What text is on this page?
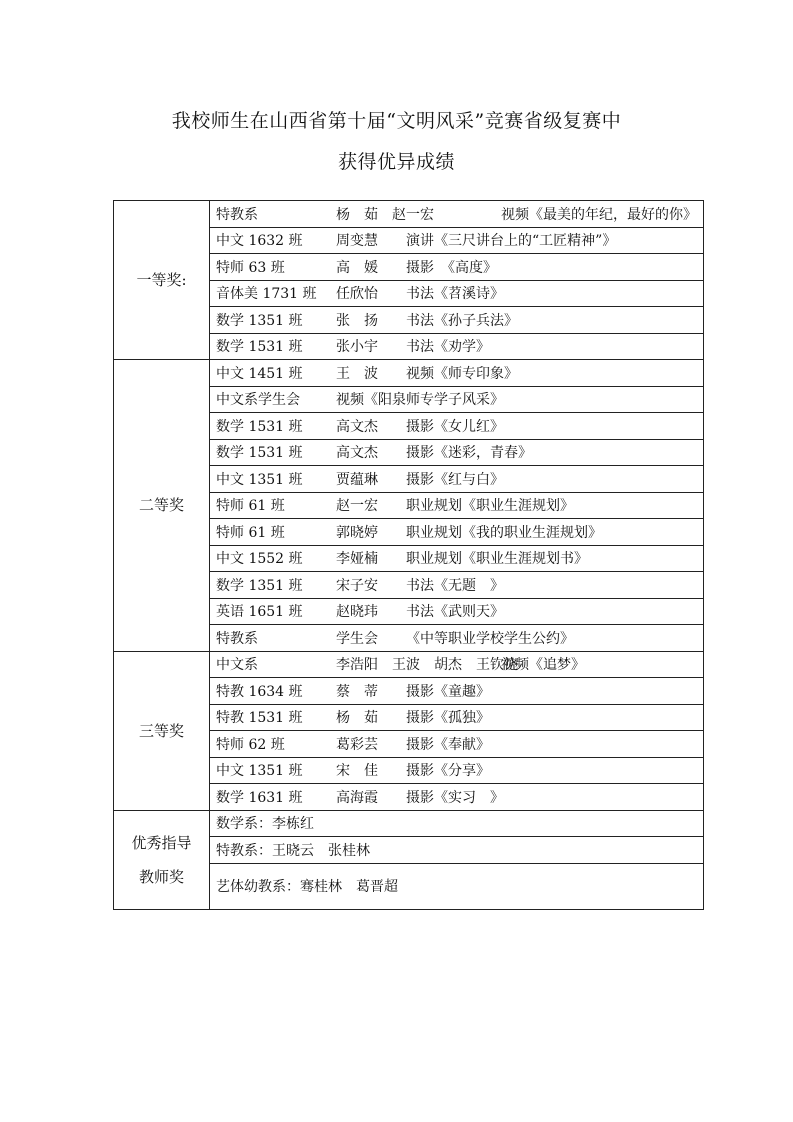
我校师生在山西省第十届“文明风采”竞赛省级复赛中
获得优异成绩
一等奖:	特教系 杨　茹　赵一宏 视频《最美的年纪，最好的你》
	中文 1632 班 周变慧 演讲《三尺讲台上的“工匠精神”》
	特师 63 班 高　媛 摄影　《高度》
	音体美 1731 班 任欣怡 书法《苕溪诗》
	数学 1351 班 张　扬 书法《孙子兵法》
	数学 1531 班 张小宇 书法《劝学》
二等奖	中文 1451 班 王　波 视频《师专印象》
	中文系学生会 视频《阳泉师专学子风采》
	数学 1531 班 高文杰 摄影《女儿红》
	数学 1531 班 高文杰 摄影《迷彩，青春》
	中文 1351 班 贾蕴琳 摄影《红与白》
	特师 61 班 赵一宏 职业规划《职业生涯规划》
	特师 61 班 郭晓婷 职业规划《我的职业生涯规划》
	中文 1552 班 李娅楠 职业规划《职业生涯规划书》
	数学 1351 班 宋子安 书法《无题　》
	英语 1651 班 赵晓玮 书法《武则天》
	特教系 学生会 《中等职业学校学生公约》
三等奖	中文系 李浩阳　王波　胡杰　王钦饶视频《追梦》
	特教 1634 班 蔡　蒂 摄影《童趣》
	特教 1531 班 杨　茹 摄影《孤独》
	特师 62 班 葛彩芸 摄影《奉献》
	中文 1351 班 宋　佳 摄影《分享》
	数学 1631 班 高海霞 摄影《实习　》

优秀指导
教师奖	数学系：李栋红
	特教系：王晓云　张桂林
	艺体幼教系：骞桂林　葛晋超
